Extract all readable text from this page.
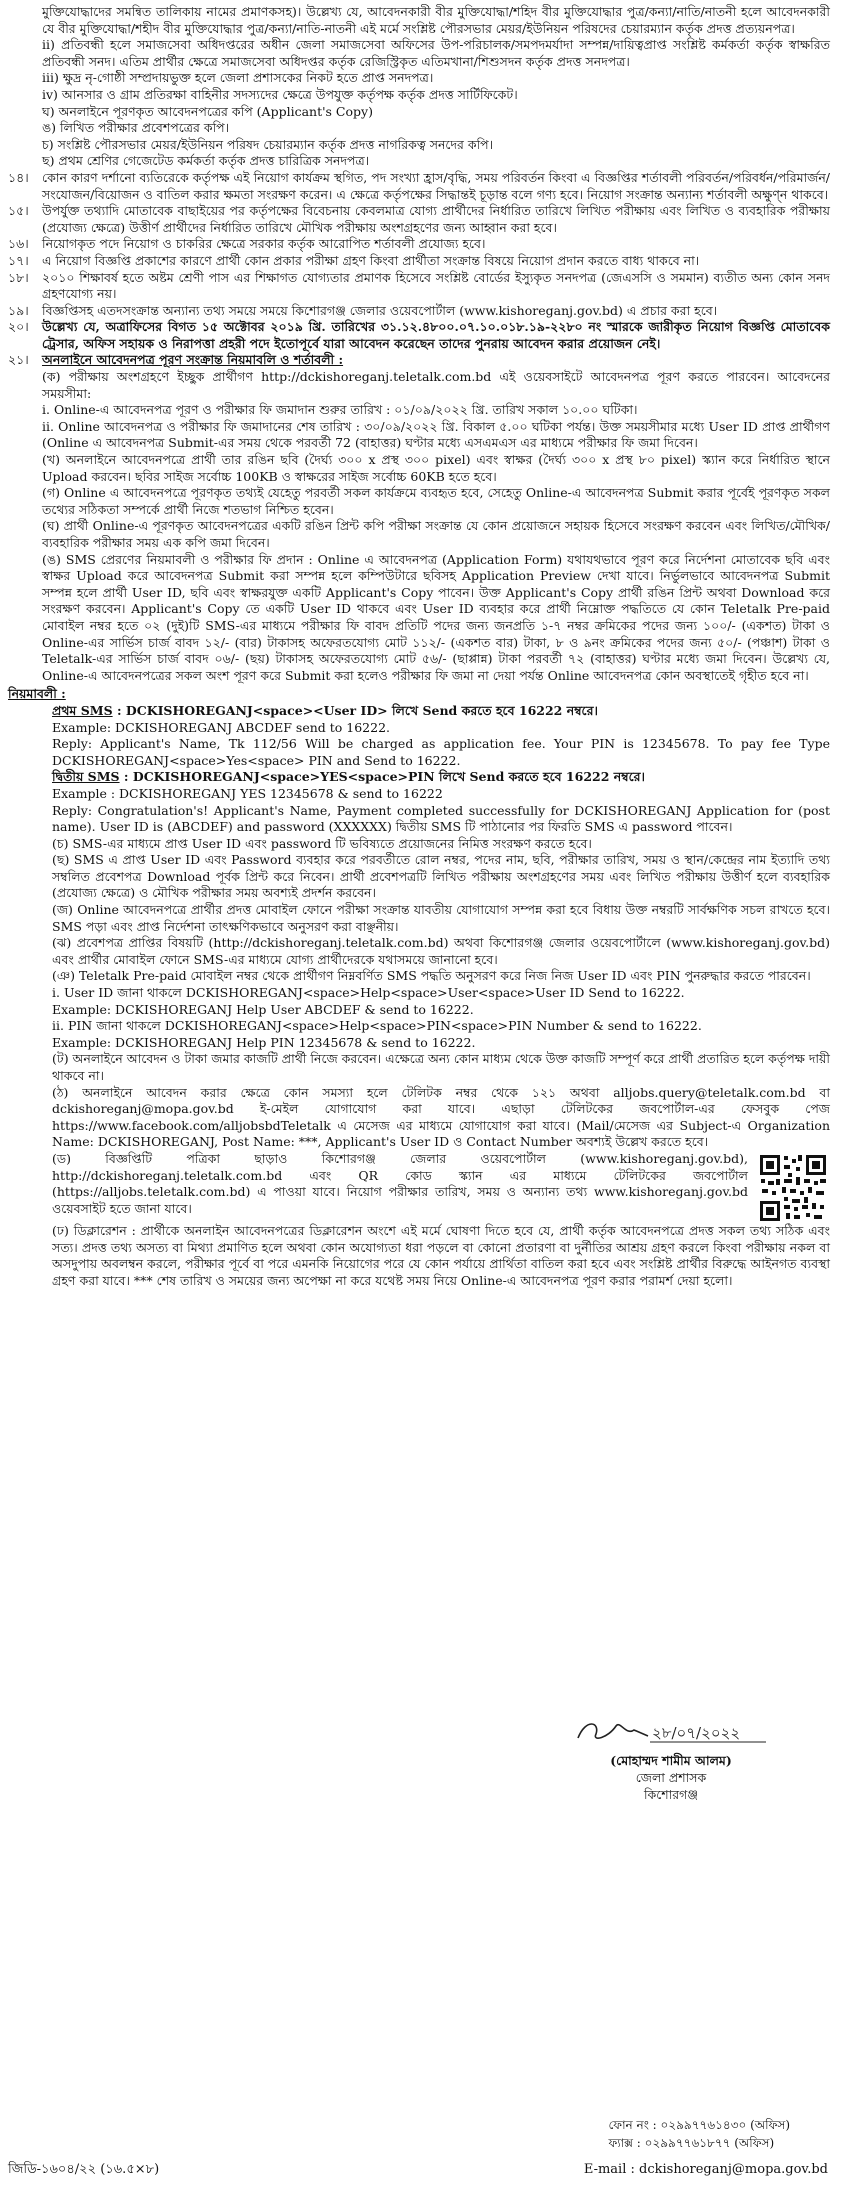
মুক্তিযোদ্ধাদের সমন্বিত তালিকায় নামের প্রমাণকসহ)। উল্লেখ্য যে, আবেদনকারী বীর মুক্তিযোদ্ধা/শহিদ বীর মুক্তিযোদ্ধার পুত্র/কন্যা/নাতি/নাতনী হলে আবেদনকারী যে বীর মুক্তিযোদ্ধা/শহীদ বীর মুক্তিযোদ্ধার পুত্র/কন্যা/নাতি-নাতনী এই মর্মে সংশ্লিষ্ট পৌরসভার মেয়র/ইউনিয়ন পরিষদের চেয়ারম্যান কর্তৃক প্রদত্ত প্রত্যয়নপত্র।
ii) প্রতিবন্ধী হলে সমাজসেবা অধিদপ্তরের অধীন জেলা সমাজসেবা অফিসের উপ-পরিচালক/সমপদমর্যাদা সম্পন্ন/দায়িত্বপ্রাপ্ত সংশ্লিষ্ট কর্মকর্তা কর্তৃক স্বাক্ষরিত প্রতিবন্ধী সনদ। এতিম প্রার্থীর ক্ষেত্রে সমাজসেবা অধিদপ্তর কর্তৃক রেজিস্ট্রিকৃত এতিমখানা/শিশুসদন কর্তৃক প্রদত্ত সনদপত্র।
iii) ক্ষুদ্র নৃ-গোষ্ঠী সম্প্রদায়ভুক্ত হলে জেলা প্রশাসকের নিকট হতে প্রাপ্ত সনদপত্র।
iv) আনসার ও গ্রাম প্রতিরক্ষা বাহিনীর সদস্যদের ক্ষেত্রে উপযুক্ত কর্তৃপক্ষ কর্তৃক প্রদত্ত সার্টিফিকেট।
ঘ) অনলাইনে পূরণকৃত আবেদনপত্রের কপি (Applicant's Copy)
ঙ) লিখিত পরীক্ষার প্রবেশপত্রের কপি।
চ) সংশ্লিষ্ট পৌরসভার মেয়র/ইউনিয়ন পরিষদ চেয়ারম্যান কর্তৃক প্রদত্ত নাগরিকত্ব সনদের কপি।
ছ) প্রথম শ্রেণির গেজেটেড কর্মকর্তা কর্তৃক প্রদত্ত চারিত্রিক সনদপত্র।
১৪।	কোন কারণ দর্শানো ব্যতিরেকে কর্তৃপক্ষ এই নিয়োগ কার্যক্রম স্থগিত, পদ সংখ্যা হ্রাস/বৃদ্ধি, সময় পরিবর্তন কিংবা এ বিজ্ঞপ্তির শর্তাবলী পরিবর্তন/পরিবর্ধন/পরিমার্জন/সংযোজন/বিয়োজন ও বাতিল করার ক্ষমতা সংরক্ষণ করেন। এ ক্ষেত্রে কর্তৃপক্ষের সিদ্ধান্তই চূড়ান্ত বলে গণ্য হবে। নিয়োগ সংক্রান্ত অন্যান্য শর্তাবলী অক্ষুণ্ন থাকবে।
১৫।	উপর্যুক্ত তথ্যাদি মোতাবেক বাছাইয়ের পর কর্তৃপক্ষের বিবেচনায় কেবলমাত্র যোগ্য প্রার্থীদের নির্ধারিত তারিখে লিখিত পরীক্ষায় এবং লিখিত ও ব্যবহারিক পরীক্ষায় (প্রযোজ্য ক্ষেত্রে) উত্তীর্ণ প্রার্থীদের নির্ধারিত তারিখে মৌখিক পরীক্ষায় অংশগ্রহণের জন্য আহ্বান করা হবে।
১৬।	নিয়োগকৃত পদে নিয়োগ ও চাকরির ক্ষেত্রে সরকার কর্তৃক আরোপিত শর্তাবলী প্রযোজ্য হবে।
১৭।	এ নিয়োগ বিজ্ঞপ্তি প্রকাশের কারণে প্রার্থী কোন প্রকার পরীক্ষা গ্রহণ কিংবা প্রার্থীতা সংক্রান্ত বিষয়ে নিয়োগ প্রদান করতে বাধ্য থাকবে না।
১৮।	২০১০ শিক্ষাবর্ষ হতে অষ্টম শ্রেণী পাস এর শিক্ষাগত যোগ্যতার প্রমাণক হিসেবে সংশ্লিষ্ট বোর্ডের ইস্যুকৃত সনদপত্র (জেএসসি ও সমমান) ব্যতীত অন্য কোন সনদ গ্রহণযোগ্য নয়।
১৯।	বিজ্ঞপ্তিসহ এতদসংক্রান্ত অন্যান্য তথ্য সময়ে সময়ে কিশোরগঞ্জ জেলার ওয়েবপোর্টাল (www.kishoreganj.gov.bd) এ প্রচার করা হবে।
২০।	উল্লেখ্য যে, অত্রাফিসের বিগত ১৫ অক্টোবর ২০১৯ খ্রি. তারিখের ৩১.১২.৪৮০০.০৭.১০.০১৮.১৯-২২৮০ নং স্মারকে জারীকৃত নিয়োগ বিজ্ঞপ্তি মোতাবেক ট্রেসার, অফিস সহায়ক ও নিরাপত্তা প্রহরী পদে ইতোপূর্বে যারা আবেদন করেছেন তাদের পুনরায় আবেদন করার প্রয়োজন নেই।
২১।	অনলাইনে আবেদনপত্র পূরণ সংক্রান্ত নিয়মাবলি ও শর্তাবলী :
(ক) পরীক্ষায় অংশগ্রহণে ইচ্ছুক প্রার্থীগণ http://dckishoreganj.teletalk.com.bd এই ওয়েবসাইটে আবেদনপত্র পূরণ করতে পারবেন। আবেদনের সময়সীমা:
i. Online-এ আবেদনপত্র পূরণ ও পরীক্ষার ফি জমাদান শুরুর তারিখ : ০১/০৯/২০২২ খ্রি. তারিখ সকাল ১০.০০ ঘটিকা।
ii. Online আবেদনপত্র ও পরীক্ষার ফি জমাদানের শেষ তারিখ : ৩০/০৯/২০২২ খ্রি. বিকাল ৫.০০ ঘটিকা পর্যন্ত। উক্ত সময়সীমার মধ্যে User ID প্রাপ্ত প্রার্থীগণ (Online এ আবেদনপত্র Submit-এর সময় থেকে পরবর্তী 72 (বাহাত্তর) ঘণ্টার মধ্যে এসএমএস এর মাধ্যমে পরীক্ষার ফি জমা দিবেন।
(খ) অনলাইনে আবেদনপত্রে প্রার্থী তার রঙিন ছবি (দৈর্ঘ্য ৩০০ x প্রস্থ ৩০০ pixel) এবং স্বাক্ষর (দৈর্ঘ্য ৩০০ x প্রস্থ ৮০ pixel) স্ক্যান করে নির্ধারিত স্থানে Upload করবেন। ছবির সাইজ সর্বোচ্চ 100KB ও স্বাক্ষরের সাইজ সর্বোচ্চ 60KB হতে হবে।
(গ) Online এ আবেদনপত্রে পূরণকৃত তথ্যই যেহেতু পরবর্তী সকল কার্যক্রমে ব্যবহৃত হবে, সেহেতু Online-এ আবেদনপত্র Submit করার পূর্বেই পূরণকৃত সকল তথ্যের সঠিকতা সম্পর্কে প্রার্থী নিজে শতভাগ নিশ্চিত হবেন।
(ঘ) প্রার্থী Online-এ পূরণকৃত আবেদনপত্রের একটি রঙিন প্রিন্ট কপি পরীক্ষা সংক্রান্ত যে কোন প্রয়োজনে সহায়ক হিসেবে সংরক্ষণ করবেন এবং লিখিত/মৌখিক/ব্যবহারিক পরীক্ষার সময় এক কপি জমা দিবেন।
(ঙ) SMS প্রেরণের নিয়মাবলী ও পরীক্ষার ফি প্রদান : Online এ আবেদনপত্র (Application Form) যথাযথভাবে পূরণ করে নির্দেশনা মোতাবেক ছবি এবং স্বাক্ষর Upload করে আবেদনপত্র Submit করা সম্পন্ন হলে কম্পিউটারে ছবিসহ Application Preview দেখা যাবে। নির্ভুলভাবে আবেদনপত্র Submit সম্পন্ন হলে প্রার্থী User ID, ছবি এবং স্বাক্ষরযুক্ত একটি Applicant's Copy পাবেন। উক্ত Applicant's Copy প্রার্থী রঙিন প্রিন্ট অথবা Download করে সংরক্ষণ করবেন। Applicant's Copy তে একটি User ID থাকবে এবং User ID ব্যবহার করে প্রার্থী নিম্নোক্ত পদ্ধতিতে যে কোন Teletalk Pre-paid মোবাইল নম্বর হতে ০২ (দুই)টি SMS-এর মাধ্যমে পরীক্ষার ফি বাবদ প্রতিটি পদের জন্য জনপ্রতি ১-৭ নম্বর ক্রমিকের পদের জন্য ১০০/- (একশত) টাকা ও Online-এর সার্ভিস চার্জ বাবদ ১২/- (বার) টাকাসহ অফেরতযোগ্য মোট ১১২/- (একশত বার) টাকা, ৮ ও ৯নং ক্রমিকের পদের জন্য ৫০/- (পঞ্চাশ) টাকা ও Teletalk-এর সার্ভিস চার্জ বাবদ ০৬/- (ছয়) টাকাসহ অফেরতযোগ্য মোট ৫৬/- (ছাপ্পান্ন) টাকা পরবর্তী ৭২ (বাহাত্তর) ঘণ্টার মধ্যে জমা দিবেন। উল্লেখ্য যে, Online-এ আবেদনপত্রের সকল অংশ পূরণ করে Submit করা হলেও পরীক্ষার ফি জমা না দেয়া পর্যন্ত Online আবেদনপত্র কোন অবস্থাতেই গৃহীত হবে না।
নিয়মাবলী :
প্রথম SMS : DCKISHOREGANJ<space><User ID> লিখে Send করতে হবে 16222 নম্বরে।
Example: DCKISHOREGANJ ABCDEF send to 16222.
Reply: Applicant's Name, Tk 112/56 Will be charged as application fee. Your PIN is 12345678. To pay fee Type DCKISHOREGANJ<space>Yes<space> PIN and Send to 16222.
দ্বিতীয় SMS : DCKISHOREGANJ<space>YES<space>PIN লিখে Send করতে হবে 16222 নম্বরে।
Example : DCKISHOREGANJ YES 12345678 & send to 16222
Reply: Congratulation's! Applicant's Name, Payment completed successfully for DCKISHOREGANJ Application for (post name). User ID is (ABCDEF) and password (XXXXXX) দ্বিতীয় SMS টি পাঠানোর পর ফিরতি SMS এ password পাবেন।
(চ) SMS-এর মাধ্যমে প্রাপ্ত User ID এবং password টি ভবিষ্যতে প্রয়োজনের নিমিত্ত সংরক্ষণ করতে হবে।
(ছ) SMS এ প্রাপ্ত User ID এবং Password ব্যবহার করে পরবর্তীতে রোল নম্বর, পদের নাম, ছবি, পরীক্ষার তারিখ, সময় ও স্থান/কেন্দ্রের নাম ইত্যাদি তথ্য সম্বলিত প্রবেশপত্র Download পূর্বক প্রিন্ট করে নিবেন। প্রার্থী প্রবেশপত্রটি লিখিত পরীক্ষায় অংশগ্রহণের সময় এবং লিখিত পরীক্ষায় উত্তীর্ণ হলে ব্যবহারিক (প্রযোজ্য ক্ষেত্রে) ও মৌখিক পরীক্ষার সময় অবশ্যই প্রদর্শন করবেন।
(জ) Online আবেদনপত্রে প্রার্থীর প্রদত্ত মোবাইল ফোনে পরীক্ষা সংক্রান্ত যাবতীয় যোগাযোগ সম্পন্ন করা হবে বিধায় উক্ত নম্বরটি সার্বক্ষণিক সচল রাখতে হবে। SMS পড়া এবং প্রাপ্ত নির্দেশনা তাৎক্ষণিকভাবে অনুসরণ করা বাঞ্ছনীয়।
(ঝ) প্রবেশপত্র প্রাপ্তির বিষয়টি (http://dckishoreganj.teletalk.com.bd) অথবা কিশোরগঞ্জ জেলার ওয়েবপোর্টালে (www.kishoreganj.gov.bd) এবং প্রার্থীর মোবাইল ফোনে SMS-এর মাধ্যমে যোগ্য প্রার্থীদেরকে যথাসময়ে জানানো হবে।
(ঞ) Teletalk Pre-paid মোবাইল নম্বর থেকে প্রার্থীগণ নিম্নবর্ণিত SMS পদ্ধতি অনুসরণ করে নিজ নিজ User ID এবং PIN পুনরুদ্ধার করতে পারবেন।
i. User ID জানা থাকলে DCKISHOREGANJ<space>Help<space>User<space>User ID Send to 16222.
Example: DCKISHOREGANJ Help User ABCDEF & send to 16222.
ii. PIN জানা থাকলে DCKISHOREGANJ<space>Help<space>PIN<space>PIN Number & send to 16222.
Example: DCKISHOREGANJ Help PIN 12345678 & send to 16222.
(ট) অনলাইনে আবেদন ও টাকা জমার কাজটি প্রার্থী নিজে করবেন। এক্ষেত্রে অন্য কোন মাধ্যম থেকে উক্ত কাজটি সম্পূর্ণ করে প্রার্থী প্রতারিত হলে কর্তৃপক্ষ দায়ী থাকবে না।
(ঠ) অনলাইনে আবেদন করার ক্ষেত্রে কোন সমস্যা হলে টেলিটক নম্বর থেকে ১২১ অথবা alljobs.query@teletalk.com.bd বা dckishoreganj@mopa.gov.bd ই-মেইল যোগাযোগ করা যাবে। এছাড়া টেলিটকের জবপোর্টাল-এর ফেসবুক পেজ https://www.facebook.com/alljobsbdTeletalk এ মেসেজ এর মাধ্যমে যোগাযোগ করা যাবে। (Mail/মেসেজ এর Subject-এ Organization Name: DCKISHOREGANJ, Post Name: ***, Applicant's User ID ও Contact Number অবশ্যই উল্লেখ করতে হবে।
(ড) বিজ্ঞপ্তিটি পত্রিকা ছাড়াও কিশোরগঞ্জ জেলার ওয়েবপোর্টাল (www.kishoreganj.gov.bd), http://dckishoreganj.teletalk.com.bd এবং QR কোড স্ক্যান এর মাধ্যমে টেলিটকের জবপোর্টাল (https://alljobs.teletalk.com.bd) এ পাওয়া যাবে। নিয়োগ পরীক্ষার তারিখ, সময় ও অন্যান্য তথ্য www.kishoreganj.gov.bd ওয়েবসাইট হতে জানা যাবে।
(ঢ) ডিক্লারেশন : প্রার্থীকে অনলাইন আবেদনপত্রের ডিক্লারেশন অংশে এই মর্মে ঘোষণা দিতে হবে যে, প্রার্থী কর্তৃক আবেদনপত্রে প্রদত্ত সকল তথ্য সঠিক এবং সত্য। প্রদত্ত তথ্য অসত্য বা মিথ্যা প্রমাণিত হলে অথবা কোন অযোগ্যতা ধরা পড়লে বা কোনো প্রতারণা বা দুর্নীতির আশ্রয় গ্রহণ করলে কিংবা পরীক্ষায় নকল বা অসদুপায় অবলম্বন করলে, পরীক্ষার পূর্বে বা পরে এমনকি নিয়োগের পরে যে কোন পর্যায়ে প্রার্থিতা বাতিল করা হবে এবং সংশ্লিষ্ট প্রার্থীর বিরুদ্ধে আইনগত ব্যবস্থা গ্রহণ করা যাবে। *** শেষ তারিখ ও সময়ের জন্য অপেক্ষা না করে যথেষ্ট সময় নিয়ে Online-এ আবেদনপত্র পূরণ করার পরামর্শ দেয়া হলো।
২৮/০৭/২০২২
(মোহাম্মদ শামীম আলম)
জেলা প্রশাসক
কিশোরগঞ্জ
ফোন নং : ০২৯৯৭৭৬১৪৩০ (অফিস)
ফ্যাক্স : ০২৯৯৭৭৬১৮৭৭ (অফিস)
জিডি-১৬০৪/২২ (১৬.৫×৮)	E-mail : dckishoreganj@mopa.gov.bd
